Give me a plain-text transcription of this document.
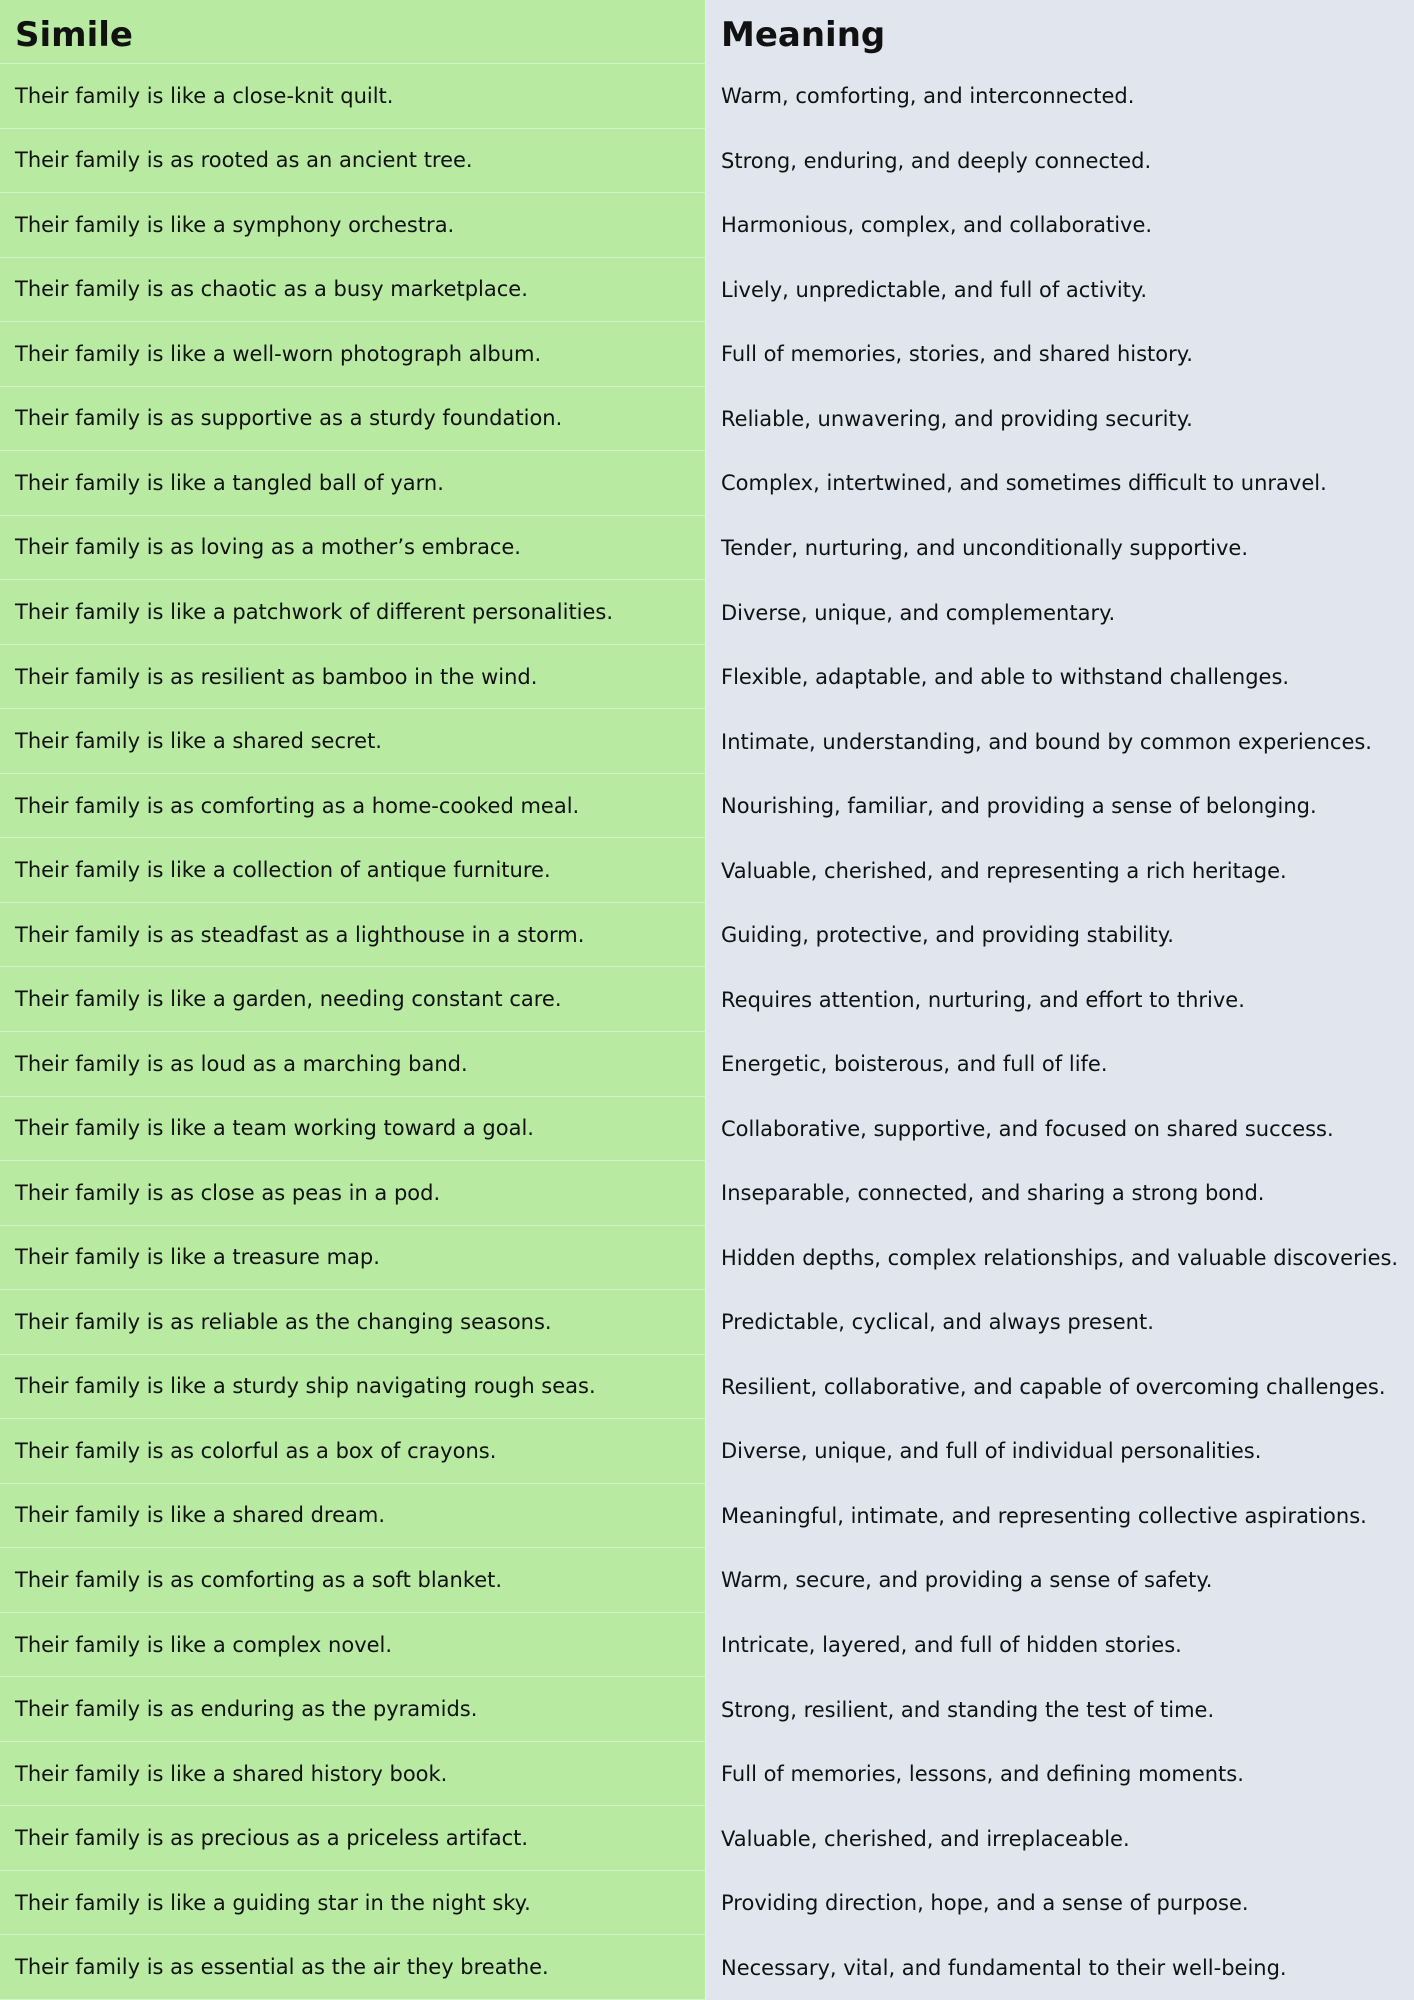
Simile	Meaning
Their family is like a close-knit quilt.	Warm, comforting, and interconnected.
Their family is as rooted as an ancient tree.	Strong, enduring, and deeply connected.
Their family is like a symphony orchestra.	Harmonious, complex, and collaborative.
Their family is as chaotic as a busy marketplace.	Lively, unpredictable, and full of activity.
Their family is like a well-worn photograph album.	Full of memories, stories, and shared history.
Their family is as supportive as a sturdy foundation.	Reliable, unwavering, and providing security.
Their family is like a tangled ball of yarn.	Complex, intertwined, and sometimes difficult to unravel.
Their family is as loving as a mother’s embrace.	Tender, nurturing, and unconditionally supportive.
Their family is like a patchwork of different personalities.	Diverse, unique, and complementary.
Their family is as resilient as bamboo in the wind.	Flexible, adaptable, and able to withstand challenges.
Their family is like a shared secret.	Intimate, understanding, and bound by common experiences.
Their family is as comforting as a home-cooked meal.	Nourishing, familiar, and providing a sense of belonging.
Their family is like a collection of antique furniture.	Valuable, cherished, and representing a rich heritage.
Their family is as steadfast as a lighthouse in a storm.	Guiding, protective, and providing stability.
Their family is like a garden, needing constant care.	Requires attention, nurturing, and effort to thrive.
Their family is as loud as a marching band.	Energetic, boisterous, and full of life.
Their family is like a team working toward a goal.	Collaborative, supportive, and focused on shared success.
Their family is as close as peas in a pod.	Inseparable, connected, and sharing a strong bond.
Their family is like a treasure map.	Hidden depths, complex relationships, and valuable discoveries.
Their family is as reliable as the changing seasons.	Predictable, cyclical, and always present.
Their family is like a sturdy ship navigating rough seas.	Resilient, collaborative, and capable of overcoming challenges.
Their family is as colorful as a box of crayons.	Diverse, unique, and full of individual personalities.
Their family is like a shared dream.	Meaningful, intimate, and representing collective aspirations.
Their family is as comforting as a soft blanket.	Warm, secure, and providing a sense of safety.
Their family is like a complex novel.	Intricate, layered, and full of hidden stories.
Their family is as enduring as the pyramids.	Strong, resilient, and standing the test of time.
Their family is like a shared history book.	Full of memories, lessons, and defining moments.
Their family is as precious as a priceless artifact.	Valuable, cherished, and irreplaceable.
Their family is like a guiding star in the night sky.	Providing direction, hope, and a sense of purpose.
Their family is as essential as the air they breathe.	Necessary, vital, and fundamental to their well-being.
